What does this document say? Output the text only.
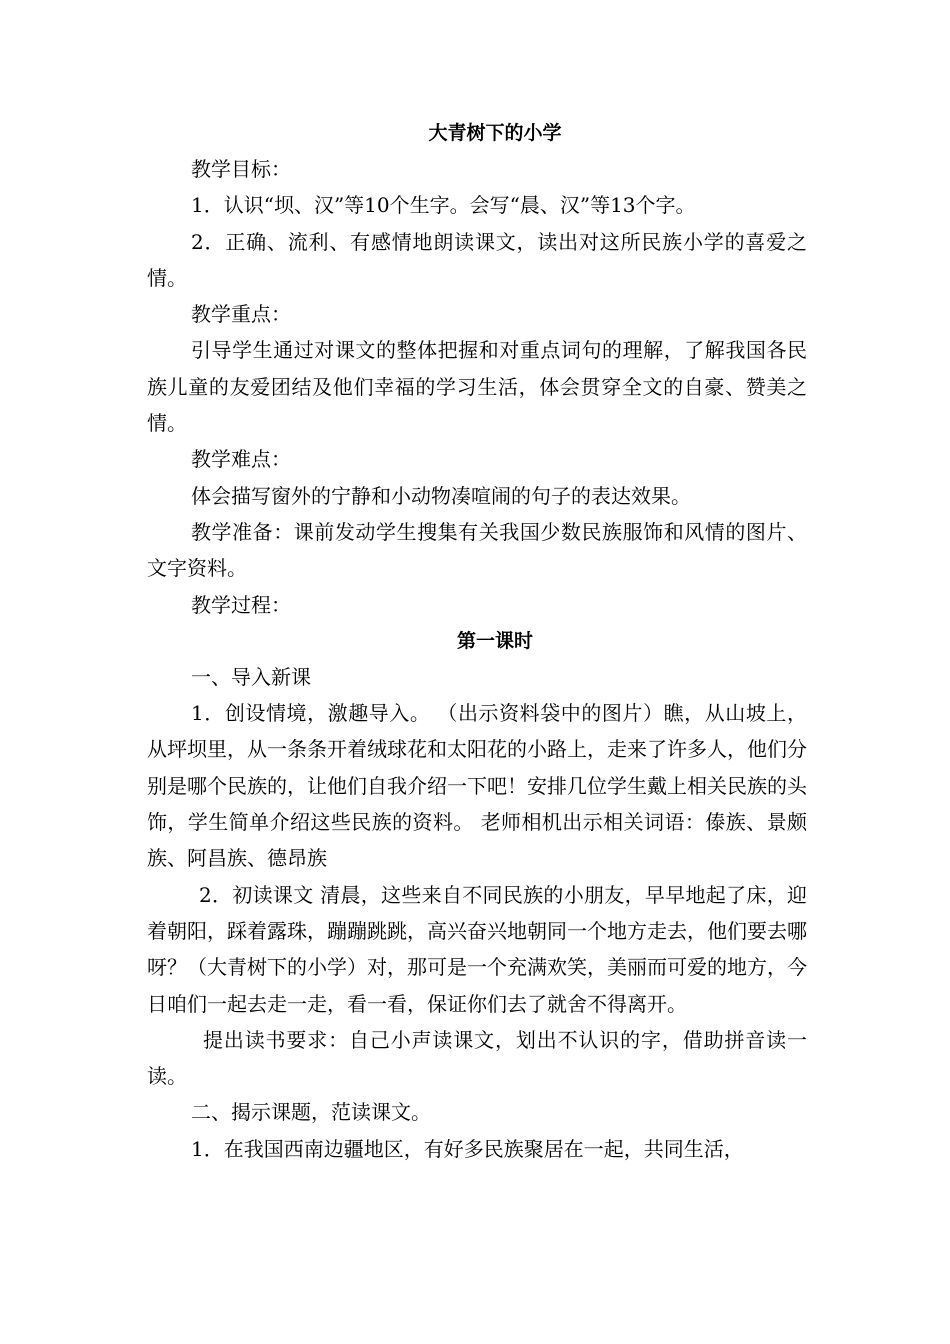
大青树下的小学

教学目标：

1．认识“坝、汉”等10个生字。会写“晨、汉”等13个字。

2．正确、流利、有感情地朗读课文，读出对这所民族小学的喜爱之情。

教学重点：

引导学生通过对课文的整体把握和对重点词句的理解，了解我国各民族儿童的友爱团结及他们幸福的学习生活，体会贯穿全文的自豪、赞美之情。

教学难点：

体会描写窗外的宁静和小动物凑喧闹的句子的表达效果。

教学准备：课前发动学生搜集有关我国少数民族服饰和风情的图片、文字资料。

教学过程：

第一课时

一、导入新课

1．创设情境，激趣导入。 （出示资料袋中的图片）瞧，从山坡上，从坪坝里，从一条条开着绒球花和太阳花的小路上，走来了许多人，他们分别是哪个民族的，让他们自我介绍一下吧！安排几位学生戴上相关民族的头饰，学生简单介绍这些民族的资料。 老师相机出示相关词语：傣族、景颇族、阿昌族、德昂族

2．初读课文 清晨，这些来自不同民族的小朋友，早早地起了床，迎着朝阳，踩着露珠，蹦蹦跳跳，高兴奋兴地朝同一个地方走去，他们要去哪呀？（大青树下的小学）对，那可是一个充满欢笑，美丽而可爱的地方，今日咱们一起去走一走，看一看，保证你们去了就舍不得离开。

提出读书要求：自己小声读课文，划出不认识的字，借助拼音读一读。

二、揭示课题，范读课文。

1．在我国西南边疆地区，有好多民族聚居在一起，共同生活，
